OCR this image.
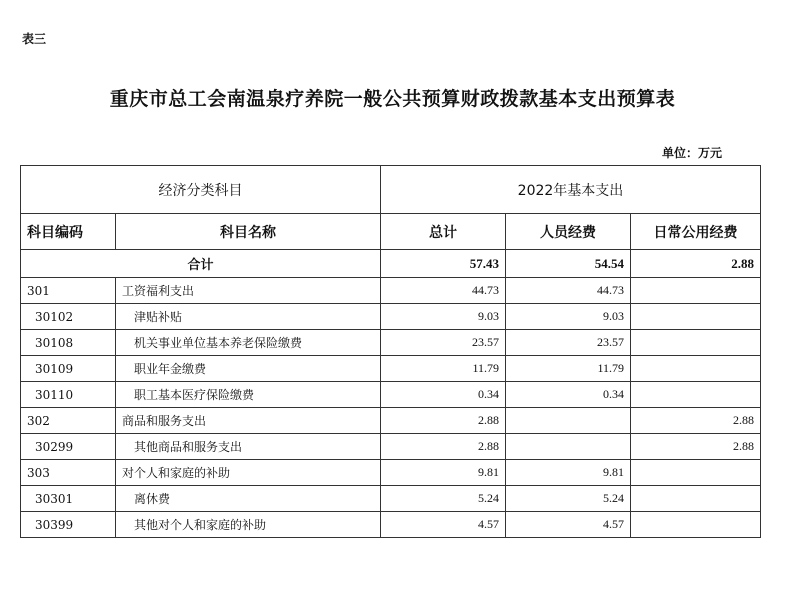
表三
重庆市总工会南温泉疗养院一般公共预算财政拨款基本支出预算表
单位：万元
经济分类科目		2022年基本支出		
科目编码	科目名称	总计	人员经费	日常公用经费
合计		57.43	54.54	2.88
301	工资福利支出	44.73	44.73	
30102	津贴补贴	9.03	9.03	
30108	机关事业单位基本养老保险缴费	23.57	23.57	
30109	职业年金缴费	11.79	11.79	
30110	职工基本医疗保险缴费	0.34	0.34	
302	商品和服务支出	2.88		2.88
30299	其他商品和服务支出	2.88		2.88
303	对个人和家庭的补助	9.81	9.81	
30301	离休费	5.24	5.24	
30399	其他对个人和家庭的补助	4.57	4.57	
